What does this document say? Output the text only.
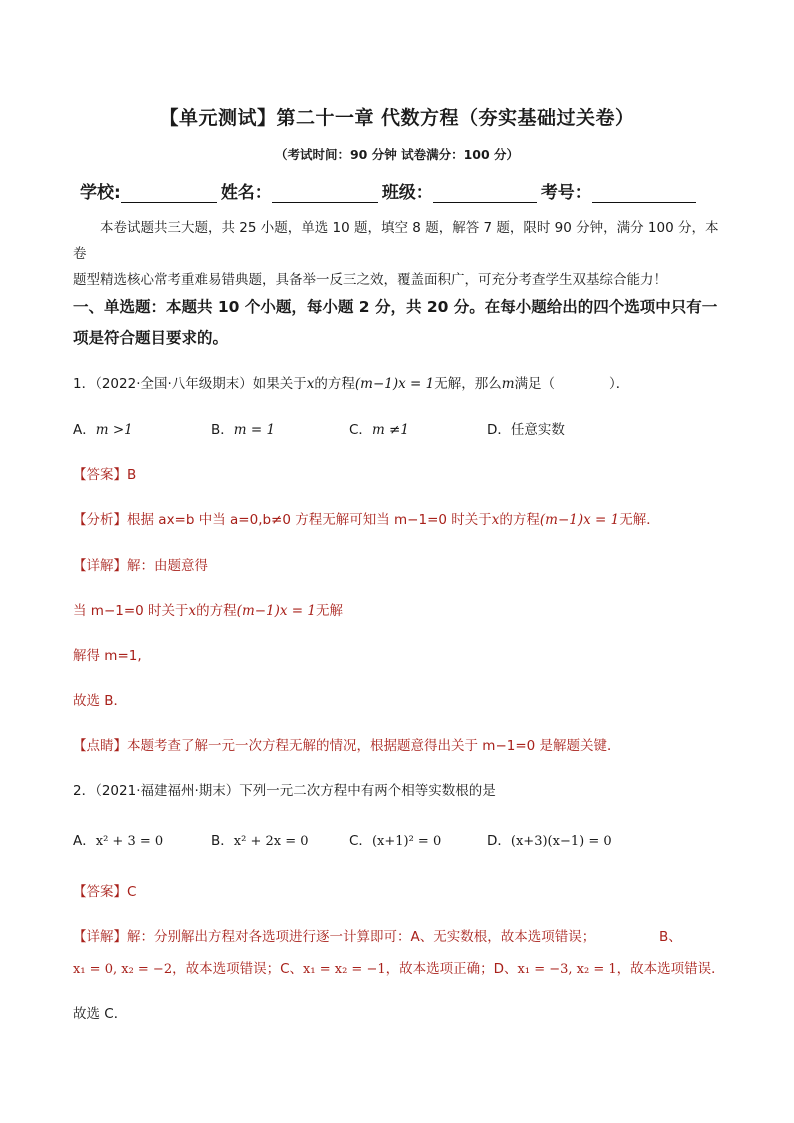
【单元测试】第二十一章 代数方程（夯实基础过关卷）
（考试时间：90 分钟 试卷满分：100 分）
学校:	姓名：	班级：	考号：

本卷试题共三大题，共 25 小题，单选 10 题，填空 8 题，解答 7 题，限时 90 分钟，满分 100 分，本卷

题型精选核心常考重难易错典题，具备举一反三之效，覆盖面积广，可充分考查学生双基综合能力！
一、单选题：本题共 10 个小题，每小题 2 分，共 20 分。在每小题给出的四个选项中只有一
项是符合题目要求的。
1．（2022·全国·八年级期末）如果关于x的方程(m−1)x = 1无解，那么m满足（　　　　）．
A．m >1	B．m = 1	C．m ≠1	D．任意实数
【答案】B
【分析】根据 ax=b 中当 a=0,b≠0 方程无解可知当 m−1=0 时关于x的方程(m−1)x = 1无解．
【详解】解：由题意得
当 m−1=0 时关于x的方程(m−1)x = 1无解
解得 m=1,
故选 B．
【点睛】本题考查了解一元一次方程无解的情况，根据题意得出关于 m−1=0 是解题关键．
2．（2021·福建福州·期末）下列一元二次方程中有两个相等实数根的是
A．x² + 3 = 0	B．x² + 2x = 0	C．(x+1)² = 0	D．(x+3)(x−1) = 0
【答案】C
【详解】解：分别解出方程对各选项进行逐一计算即可：A、无实数根，故本选项错误；	B、
x₁ = 0, x₂ = −2，故本选项错误；C、x₁ = x₂ = −1，故本选项正确；D、x₁ = −3, x₂ = 1，故本选项错误．
故选 C．
